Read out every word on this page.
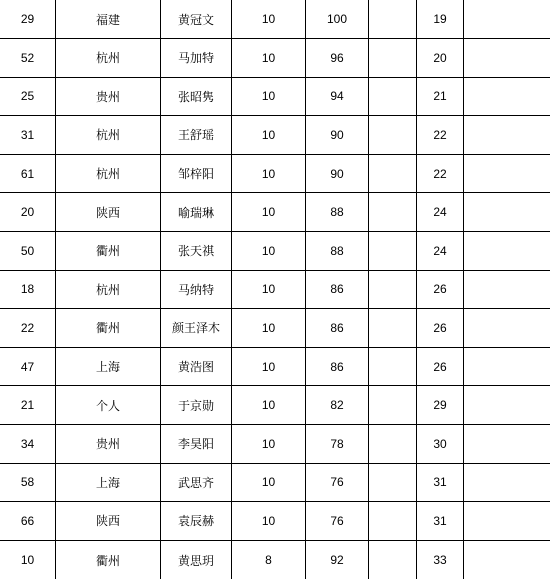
29	福建	黄冠文	10	100	19
52	杭州	马加特	10	96	20
25	贵州	张昭隽	10	94	21
31	杭州	王舒瑶	10	90	22
61	杭州	邹梓阳	10	90	22
20	陕西	喻瑞琳	10	88	24
50	衢州	张天祺	10	88	24
18	杭州	马纳特	10	86	26
22	衢州	颜王泽木	10	86	26
47	上海	黄浩图	10	86	26
21	个人	于京勋	10	82	29
34	贵州	李昊阳	10	78	30
58	上海	武思齐	10	76	31
66	陕西	袁辰赫	10	76	31
10	衢州	黄思玥	8	92	33
